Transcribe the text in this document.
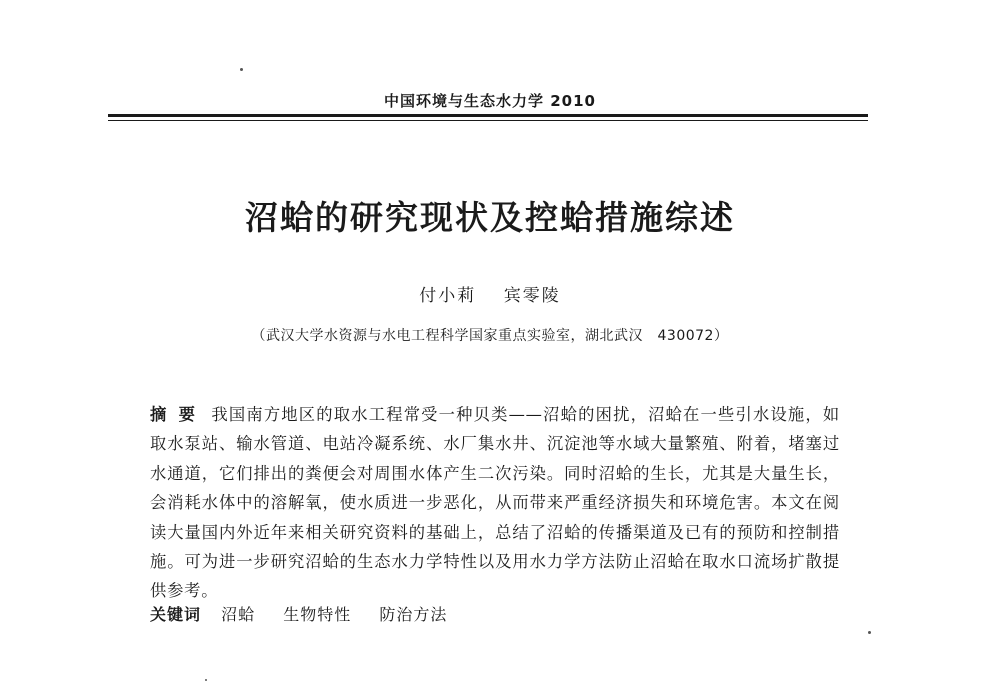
中国环境与生态水力学 2010
沼蛤的研究现状及控蛤措施综述
付小莉 宾零陵
（武汉大学水资源与水电工程科学国家重点实验室，湖北武汉　430072）
摘要 我国南方地区的取水工程常受一种贝类——沼蛤的困扰，沼蛤在一些引水设施，如取水泵站、输水管道、电站冷凝系统、水厂集水井、沉淀池等水域大量繁殖、附着，堵塞过水通道，它们排出的粪便会对周围水体产生二次污染。同时沼蛤的生长，尤其是大量生长，会消耗水体中的溶解氧，使水质进一步恶化，从而带来严重经济损失和环境危害。本文在阅读大量国内外近年来相关研究资料的基础上，总结了沼蛤的传播渠道及已有的预防和控制措施。可为进一步研究沼蛤的生态水力学特性以及用水力学方法防止沼蛤在取水口流场扩散提供参考。
关键词 沼蛤 生物特性 防治方法
